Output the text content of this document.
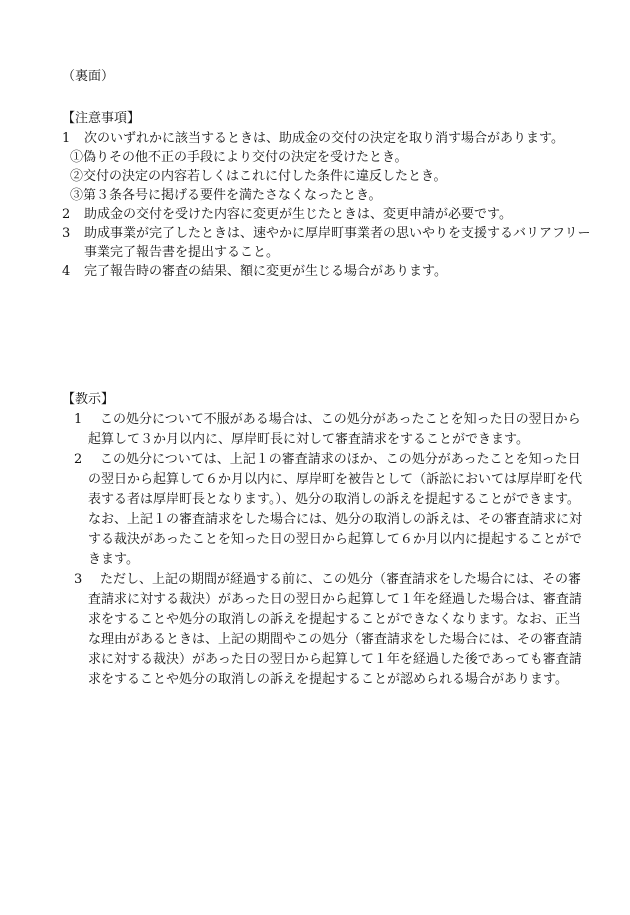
（裏面）
【注意事項】
1 次のいずれかに該当するときは、助成金の交付の決定を取り消す場合があります。
①偽りその他不正の手段により交付の決定を受けたとき。
②交付の決定の内容若しくはこれに付した条件に違反したとき。
③第３条各号に掲げる要件を満たさなくなったとき。
2 助成金の交付を受けた内容に変更が生じたときは、変更申請が必要です。
3 助成事業が完了したときは、速やかに厚岸町事業者の思いやりを支援するバリアフリー事業完了報告書を提出すること。
4 完了報告時の審査の結果、額に変更が生じる場合があります。
【教示】
1	この処分について不服がある場合は、この処分があったことを知った日の翌日から起算して３か月以内に、厚岸町長に対して審査請求をすることができます。
2	この処分については、上記１の審査請求のほか、この処分があったことを知った日の翌日から起算して６か月以内に、厚岸町を被告として（訴訟においては厚岸町を代表する者は厚岸町長となります。）、処分の取消しの訴えを提起することができます。なお、上記１の審査請求をした場合には、処分の取消しの訴えは、その審査請求に対する裁決があったことを知った日の翌日から起算して６か月以内に提起することができます。
3	ただし、上記の期間が経過する前に、この処分（審査請求をした場合には、その審査請求に対する裁決）があった日の翌日から起算して１年を経過した場合は、審査請求をすることや処分の取消しの訴えを提起することができなくなります。なお、正当な理由があるときは、上記の期間やこの処分（審査請求をした場合には、その審査請求に対する裁決）があった日の翌日から起算して１年を経過した後であっても審査請求をすることや処分の取消しの訴えを提起することが認められる場合があります。
